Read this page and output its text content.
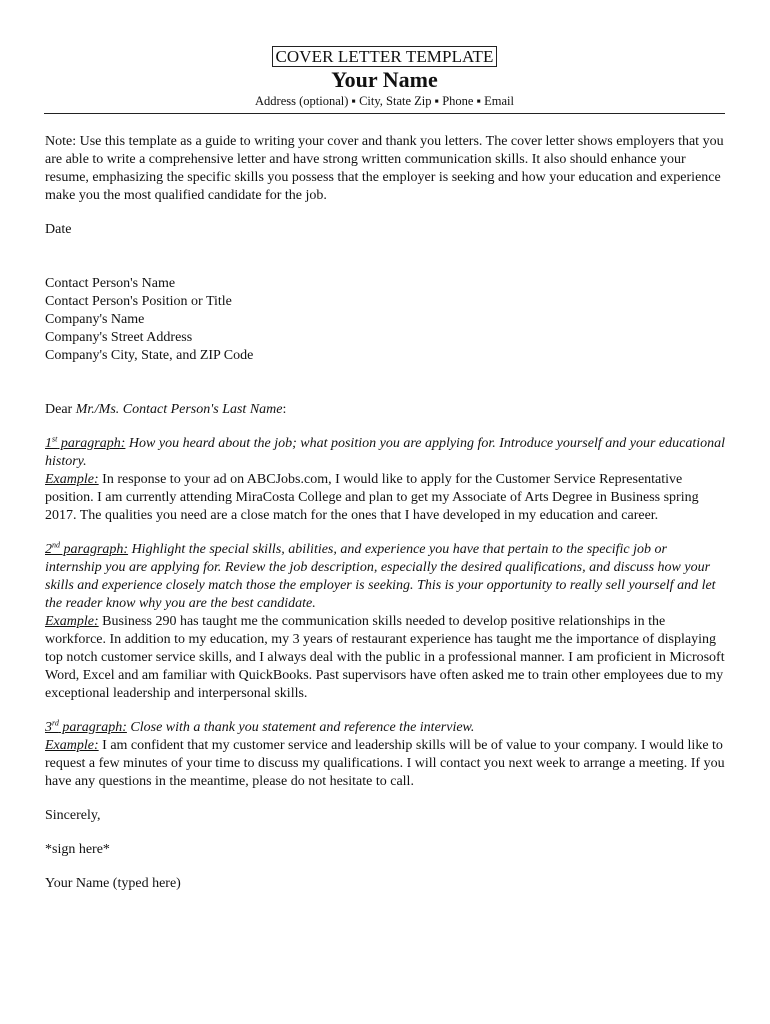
COVER LETTER TEMPLATE
Your Name
Address (optional) ▪ City, State Zip ▪ Phone ▪ Email

Note: Use this template as a guide to writing your cover and thank you letters. The cover letter shows employers that you are able to write a comprehensive letter and have strong written communication skills. It also should enhance your resume, emphasizing the specific skills you possess that the employer is seeking and how your education and experience make you the most qualified candidate for the job.

Date

Contact Person's Name

Contact Person's Position or Title

Company's Name

Company's Street Address

Company's City, State, and ZIP Code

Dear Mr./Ms. Contact Person's Last Name:

1st paragraph: How you heard about the job; what position you are applying for. Introduce yourself and your educational history.

Example: In response to your ad on ABCJobs.com, I would like to apply for the Customer Service Representative position. I am currently attending MiraCosta College and plan to get my Associate of Arts Degree in Business spring 2017. The qualities you need are a close match for the ones that I have developed in my education and career.

2nd paragraph: Highlight the special skills, abilities, and experience you have that pertain to the specific job or internship you are applying for. Review the job description, especially the desired qualifications, and discuss how your skills and experience closely match those the employer is seeking. This is your opportunity to really sell yourself and let the reader know why you are the best candidate.

Example: Business 290 has taught me the communication skills needed to develop positive relationships in the workforce. In addition to my education, my 3 years of restaurant experience has taught me the importance of displaying top notch customer service skills, and I always deal with the public in a professional manner. I am proficient in Microsoft Word, Excel and am familiar with QuickBooks. Past supervisors have often asked me to train other employees due to my exceptional leadership and interpersonal skills.

3rd paragraph: Close with a thank you statement and reference the interview.

Example: I am confident that my customer service and leadership skills will be of value to your company. I would like to request a few minutes of your time to discuss my qualifications. I will contact you next week to arrange a meeting. If you have any questions in the meantime, please do not hesitate to call.

Sincerely,

*sign here*

Your Name (typed here)
